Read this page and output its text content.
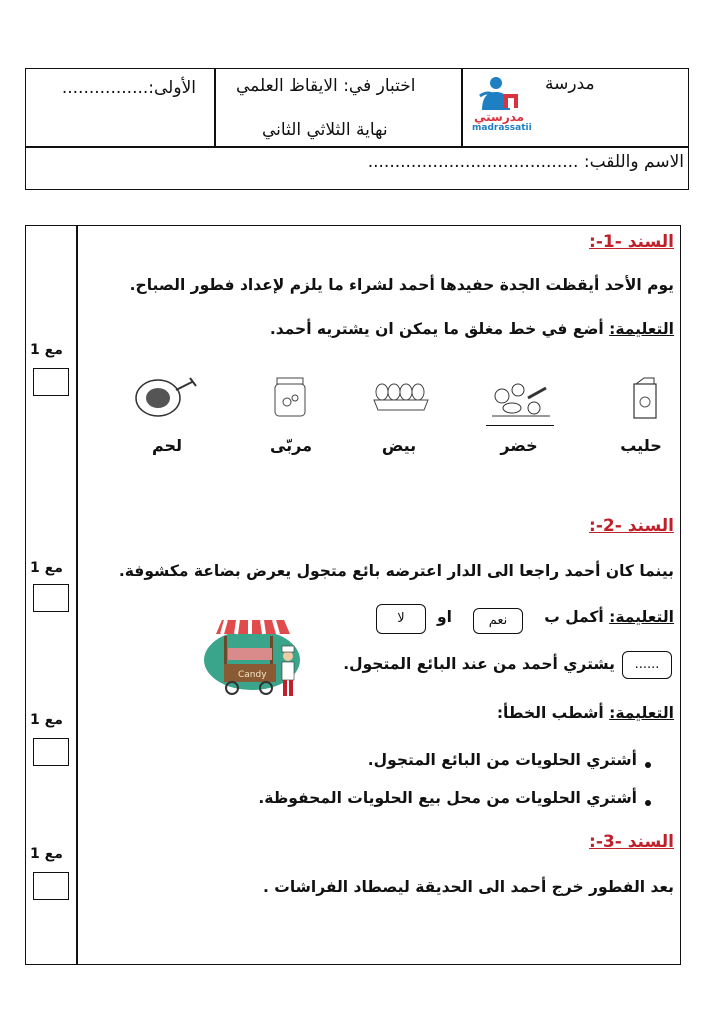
الأولى:................ اختبار في: الايقاظ العلمي
نهاية الثلاثي الثاني
مدرسة
مدرستي
madrassatii
الاسم واللقب: .......................................
مع 1
مع 1
مع 1
مع 1
السند -1-:
يوم الأحد أيقظت الجدة حفيدها أحمد لشراء ما يلزم لإعداد فطور الصباح.
التعليمة: أضع في خط مغلق ما يمكن ان يشتريه أحمد.
حليب
خضر
بيض
مربّى
لحم
السند -2-:
بينما كان أحمد راجعا الى الدار اعترضه بائع متجول يعرض بضاعة مكشوفة.
التعليمة: أكمل ب
نعم
او
لا
......
يشتري أحمد من عند البائع المتجول.
Candy
التعليمة: أشطب الخطأ:
أشتري الحلويات من البائع المتجول.
أشتري الحلويات من محل بيع الحلويات المحفوظة.
السند -3-:
بعد الفطور خرج أحمد الى الحديقة ليصطاد الفراشات .
